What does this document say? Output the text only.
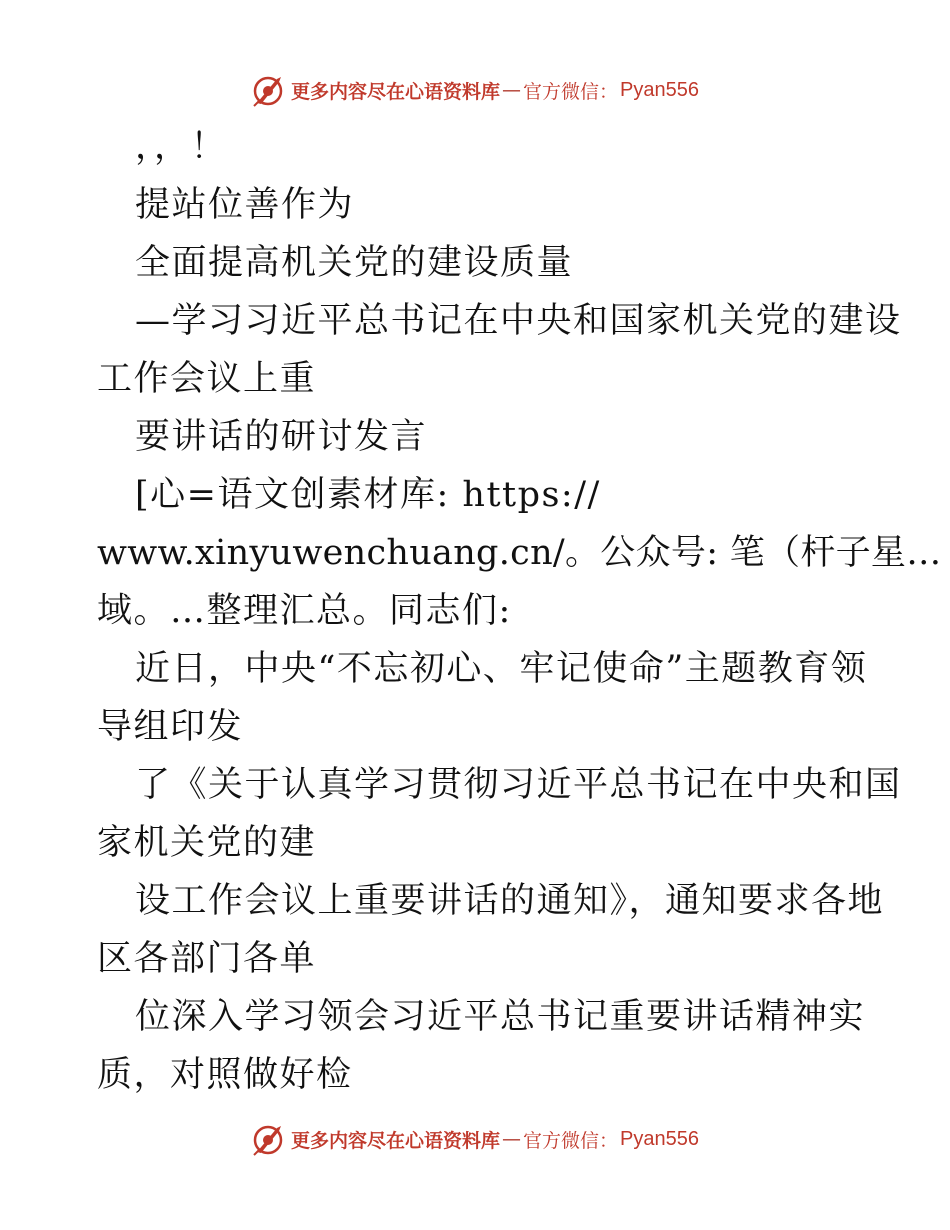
更多内容尽在心语资料库 — 官方微信： Pyan556
，，！
提站位善作为
全面提高机关党的建设质量
—学习习近平总书记在中央和国家机关党的建设
工作会议上重
要讲话的研讨发言
[心=语文创素材库: https://
www.xinyuwenchuang.cn/。公众号: 笔（杆子星…
域。…整理汇总。同志们:
近日，中央“不忘初心、牢记使命”主题教育领
导组印发
了《关于认真学习贯彻习近平总书记在中央和国
家机关党的建
设工作会议上重要讲话的通知》，通知要求各地
区各部门各单
位深入学习领会习近平总书记重要讲话精神实
质，对照做好检
更多内容尽在心语资料库 — 官方微信： Pyan556
